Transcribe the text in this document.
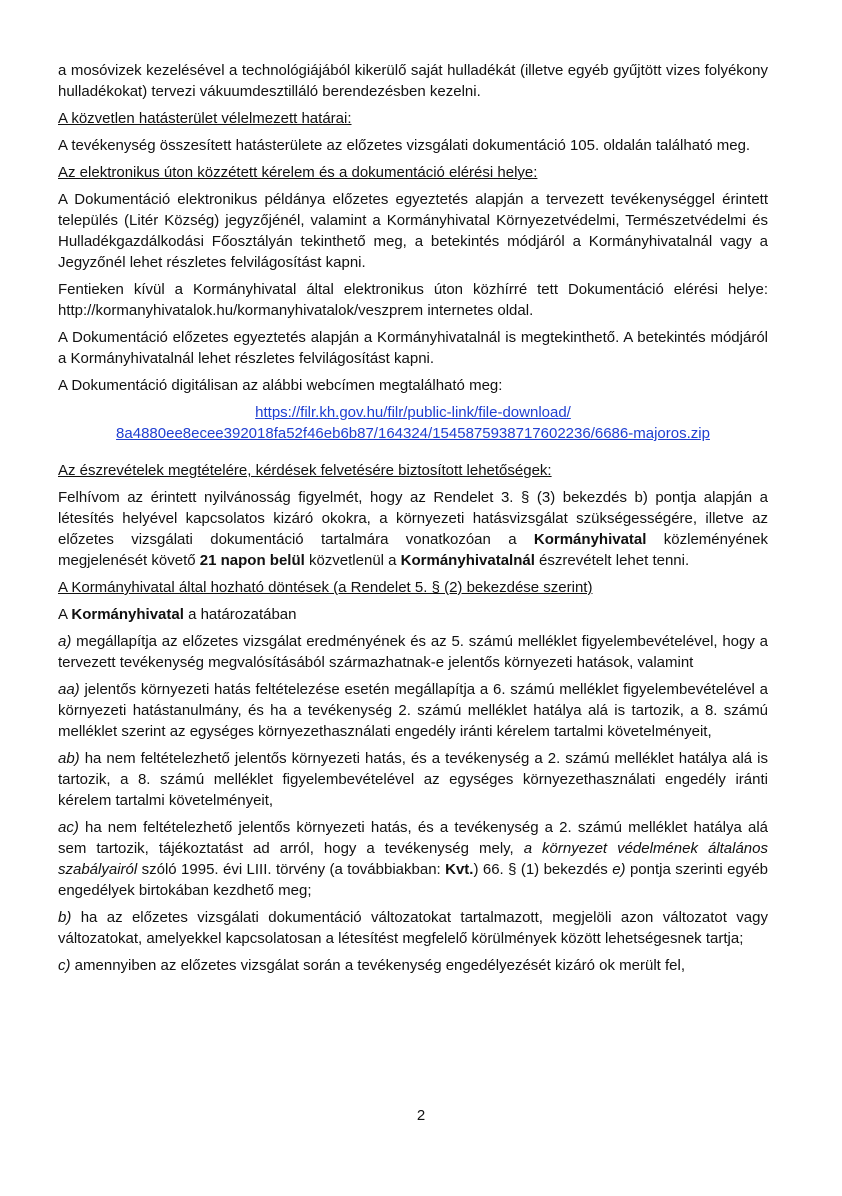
a mosóvizek kezelésével a technológiájából kikerülő saját hulladékát (illetve egyéb gyűjtött vizes folyékony hulladékokat) tervezi vákuumdesztilláló berendezésben kezelni.

A közvetlen hatásterület vélelmezett határai:

A tevékenység összesített hatásterülete az előzetes vizsgálati dokumentáció 105. oldalán található meg.

Az elektronikus úton közzétett kérelem és a dokumentáció elérési helye:

A Dokumentáció elektronikus példánya előzetes egyeztetés alapján a tervezett tevékenységgel érintett település (Litér Község) jegyzőjénél, valamint a Kormányhivatal Környezetvédelmi, Természetvédelmi és Hulladékgazdálkodási Főosztályán tekinthető meg, a betekintés módjáról a Kormányhivatalnál vagy a Jegyzőnél lehet részletes felvilágosítást kapni.

Fentieken kívül a Kormányhivatal által elektronikus úton közhírré tett Dokumentáció elérési helye: http://kormanyhivatalok.hu/kormanyhivatalok/veszprem internetes oldal.

A Dokumentáció előzetes egyeztetés alapján a Kormányhivatalnál is megtekinthető. A betekintés módjáról a Kormányhivatalnál lehet részletes felvilágosítást kapni.

A Dokumentáció digitálisan az alábbi webcímen megtalálható meg:

https://filr.kh.gov.hu/filr/public-link/file-download/
8a4880ee8ecee392018fa52f46eb6b87/164324/154587593871760223​6/6686-majoros.zip

Az észrevételek megtételére, kérdések felvetésére biztosított lehetőségek:

Felhívom az érintett nyilvánosság figyelmét, hogy az Rendelet 3. § (3) bekezdés b) pontja alapján a létesítés helyével kapcsolatos kizáró okokra, a környezeti hatásvizsgálat szükségességére, illetve az előzetes vizsgálati dokumentáció tartalmára vonatkozóan a Kormányhivatal közleményének megjelenését követő 21 napon belül közvetlenül a Kormányhivatalnál észrevételt lehet tenni.

A Kormányhivatal által hozható döntések (a Rendelet 5. § (2) bekezdése szerint)

A Kormányhivatal a határozatában

a) megállapítja az előzetes vizsgálat eredményének és az 5. számú melléklet figyelembevételével, hogy a tervezett tevékenység megvalósításából származhatnak-e jelentős környezeti hatások, valamint

aa) jelentős környezeti hatás feltételezése esetén megállapítja a 6. számú melléklet figyelembevételével a környezeti hatástanulmány, és ha a tevékenység 2. számú melléklet hatálya alá is tartozik, a 8. számú melléklet szerint az egységes környezethasználati engedély iránti kérelem tartalmi követelményeit,

ab) ha nem feltételezhető jelentős környezeti hatás, és a tevékenység a 2. számú melléklet hatálya alá is tartozik, a 8. számú melléklet figyelembevételével az egységes környezethasználati engedély iránti kérelem tartalmi követelményeit,

ac) ha nem feltételezhető jelentős környezeti hatás, és a tevékenység a 2. számú melléklet hatálya alá sem tartozik, tájékoztatást ad arról, hogy a tevékenység mely, a környezet védelmének általános szabályairól szóló 1995. évi LIII. törvény (a továbbiakban: Kvt.) 66. § (1) bekezdés e) pontja szerinti egyéb engedélyek birtokában kezdhető meg;

b) ha az előzetes vizsgálati dokumentáció változatokat tartalmazott, megjelöli azon változatot vagy változatokat, amelyekkel kapcsolatosan a létesítést megfelelő körülmények között lehetségesnek tartja;

c) amennyiben az előzetes vizsgálat során a tevékenység engedélyezését kizáró ok merült fel,

2
